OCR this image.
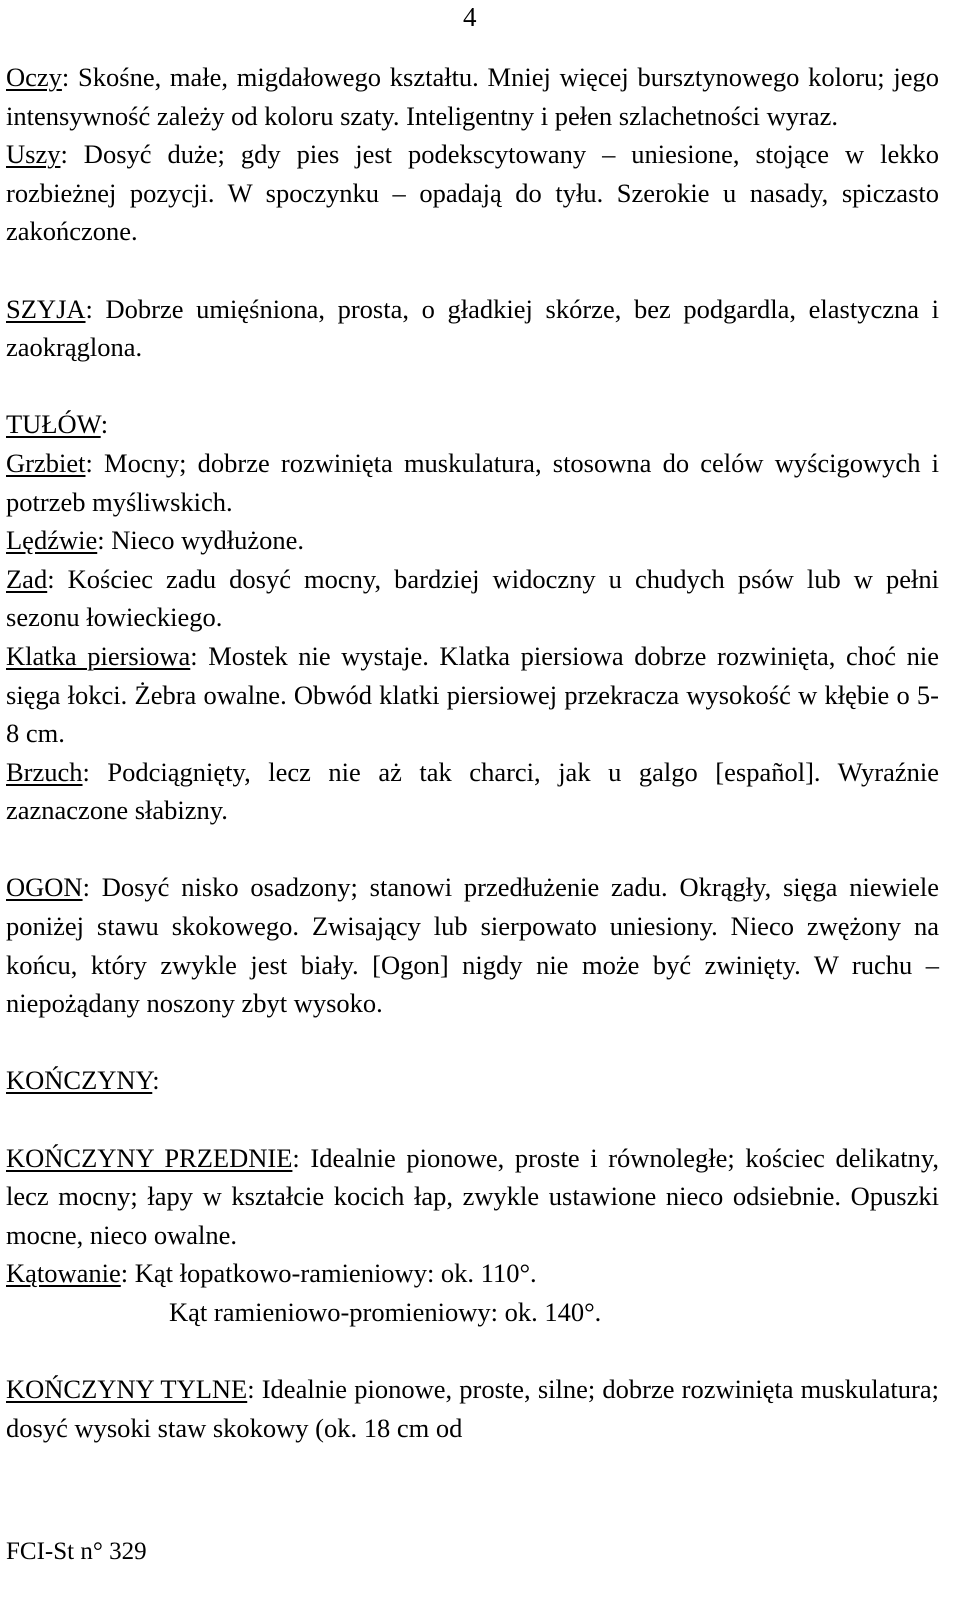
4

Oczy: Skośne, małe, migdałowego kształtu. Mniej więcej bursztynowego koloru; jego intensywność zależy od koloru szaty. Inteligentny i pełen szlachetności wyraz.

Uszy: Dosyć duże; gdy pies jest podekscytowany – uniesione, stojące w lekko rozbieżnej pozycji. W spoczynku – opadają do tyłu. Szerokie u nasady, spiczasto zakończone.

SZYJA: Dobrze umięśniona, prosta, o gładkiej skórze, bez podgardla, elastyczna i zaokrąglona.

TUŁÓW:

Grzbiet: Mocny; dobrze rozwinięta muskulatura, stosowna do celów wyścigowych i potrzeb myśliwskich.

Lędźwie: Nieco wydłużone.

Zad: Kościec zadu dosyć mocny, bardziej widoczny u chudych psów lub w pełni sezonu łowieckiego.

Klatka piersiowa: Mostek nie wystaje. Klatka piersiowa dobrze rozwinięta, choć nie sięga łokci. Żebra owalne. Obwód klatki piersiowej przekracza wysokość w kłębie o 5-8 cm.

Brzuch: Podciągnięty, lecz nie aż tak charci, jak u galgo [español]. Wyraźnie zaznaczone słabizny.

OGON: Dosyć nisko osadzony; stanowi przedłużenie zadu. Okrągły, sięga niewiele poniżej stawu skokowego. Zwisający lub sierpowato uniesiony. Nieco zwężony na końcu, który zwykle jest biały. [Ogon] nigdy nie może być zwinięty. W ruchu – niepożądany noszony zbyt wysoko.

KOŃCZYNY:

KOŃCZYNY PRZEDNIE: Idealnie pionowe, proste i równoległe; kościec delikatny, lecz mocny; łapy w kształcie kocich łap, zwykle ustawione nieco odsiebnie. Opuszki mocne, nieco owalne.

Kątowanie: Kąt łopatkowo-ramieniowy: ok. 110°.

Kąt ramieniowo-promieniowy: ok. 140°.

KOŃCZYNY TYLNE: Idealnie pionowe, proste, silne; dobrze rozwinięta muskulatura; dosyć wysoki staw skokowy (ok. 18 cm od

FCI-St n° 329
